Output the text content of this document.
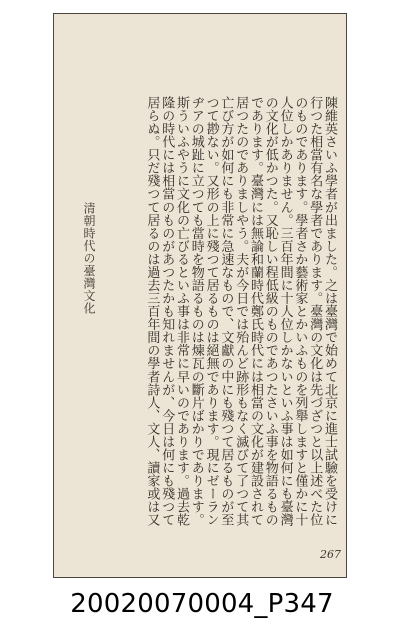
陳維英さいふ學者が出ました。之は臺灣で始めて北京に進士試驗を受けに
行つた相當有名な學者であります。臺灣の文化は先づざつと以上述べた位
のものであります。學者さか藝術家とかいふものを列舉しますと僅かに十
人位しかありません。三百年間に十人位しかないといふ事は如何にも臺灣
の文化が低かつた。又恥しい程低級のものであつたさいふ事を物語るもの
であります。臺灣には無論和蘭時代鄭氏時代には相當の文化が建設されて
居つたのでありましやう。夫が今日では殆んど跡形もなく滅びて了つて其
亡び方が如何にも非常に急速なもので、文獻の中にも殘つて居るものが至
つて尠ない。又形の上に殘つて居るものは絕無であります。現にゼーラン
ヂアの城趾に立つても當時を物語るものは煉瓦の斷片ばかりであります。
斯ういふやうに文化の亡びるといふ事は非常に早いのであります。過去乾
隆の時代には相當のものがあつたかも知れませんが、今日は何にも殘つて
居らぬ。只だ殘つて居るのは過去三百年間の學者詩人、文人、讀家或は又
清朝時代の臺灣文化
267
20020070004_P347
